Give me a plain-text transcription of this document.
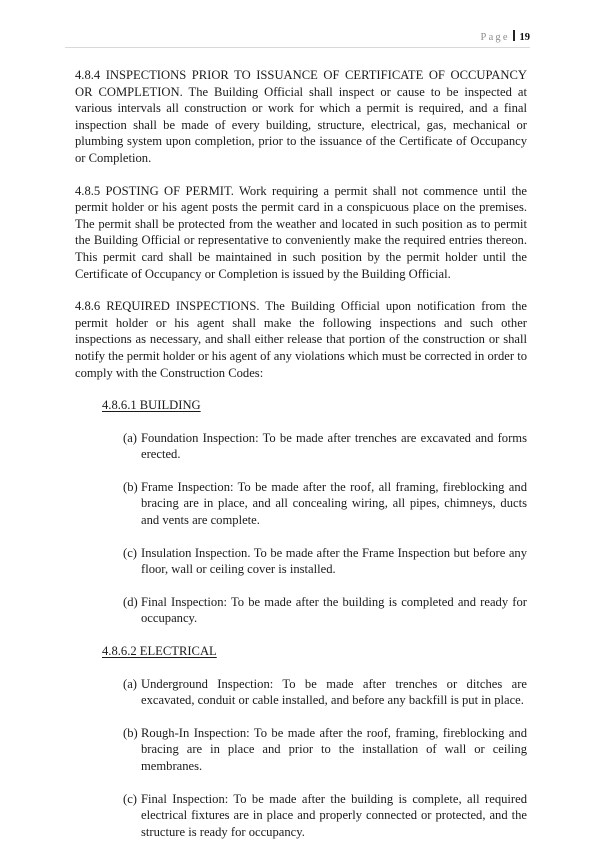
Page 19

4.8.4 INSPECTIONS PRIOR TO ISSUANCE OF CERTIFICATE OF OCCUPANCY OR COMPLETION. The Building Official shall inspect or cause to be inspected at various intervals all construction or work for which a permit is required, and a final inspection shall be made of every building, structure, electrical, gas, mechanical or plumbing system upon completion, prior to the issuance of the Certificate of Occupancy or Completion.

4.8.5 POSTING OF PERMIT. Work requiring a permit shall not commence until the permit holder or his agent posts the permit card in a conspicuous place on the premises. The permit shall be protected from the weather and located in such position as to permit the Building Official or representative to conveniently make the required entries thereon. This permit card shall be maintained in such position by the permit holder until the Certificate of Occupancy or Completion is issued by the Building Official.

4.8.6 REQUIRED INSPECTIONS. The Building Official upon notification from the permit holder or his agent shall make the following inspections and such other inspections as necessary, and shall either release that portion of the construction or shall notify the permit holder or his agent of any violations which must be corrected in order to comply with the Construction Codes:

4.8.6.1 BUILDING
(a) Foundation Inspection: To be made after trenches are excavated and forms erected.
(b) Frame Inspection: To be made after the roof, all framing, fireblocking and bracing are in place, and all concealing wiring, all pipes, chimneys, ducts and vents are complete.
(c) Insulation Inspection. To be made after the Frame Inspection but before any floor, wall or ceiling cover is installed.
(d) Final Inspection: To be made after the building is completed and ready for occupancy.
4.8.6.2 ELECTRICAL
(a) Underground Inspection: To be made after trenches or ditches are excavated, conduit or cable installed, and before any backfill is put in place.
(b) Rough-In Inspection: To be made after the roof, framing, fireblocking and bracing are in place and prior to the installation of wall or ceiling membranes.
(c) Final Inspection: To be made after the building is complete, all required electrical fixtures are in place and properly connected or protected, and the structure is ready for occupancy.
